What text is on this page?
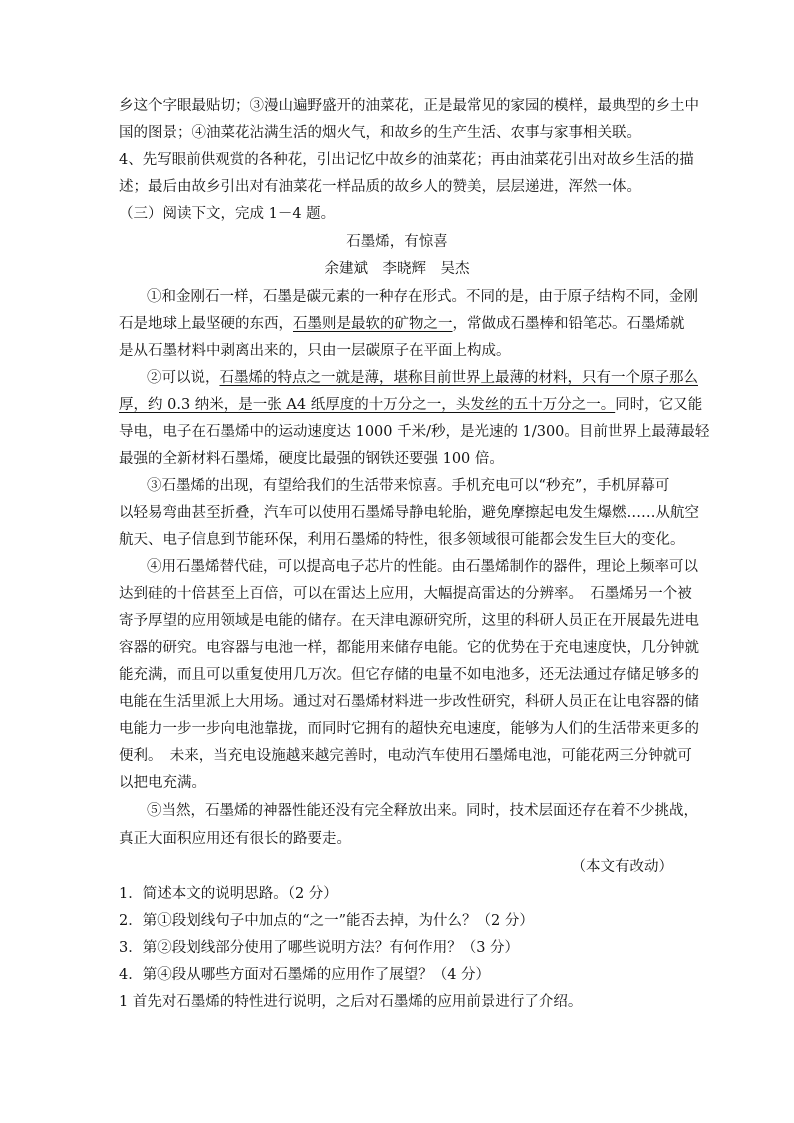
乡这个字眼最贴切；③漫山遍野盛开的油菜花，正是最常见的家园的模样，最典型的乡土中
国的图景；④油菜花沾满生活的烟火气，和故乡的生产生活、农事与家事相关联。
4、先写眼前供观赏的各种花，引出记忆中故乡的油菜花；再由油菜花引出对故乡生活的描
述；最后由故乡引出对有油菜花一样品质的故乡人的赞美，层层递进，浑然一体。
（三）阅读下文，完成 1－4 题。
石墨烯，有惊喜
余建斌　李晓辉　吴杰
①和金刚石一样，石墨是碳元素的一种存在形式。不同的是，由于原子结构不同，金刚
石是地球上最坚硬的东西，石墨则是最软的矿物之一，常做成石墨棒和铅笔芯。石墨烯就
是从石墨材料中剥离出来的，只由一层碳原子在平面上构成。
②可以说，石墨烯的特点之一就是薄，堪称目前世界上最薄的材料，只有一个原子那么
厚，约 0.3 纳米，是一张 A4 纸厚度的十万分之一，头发丝的五十万分之一。同时，它又能
导电，电子在石墨烯中的运动速度达 1000 千米/秒，是光速的 1/300。目前世界上最薄最轻
最强的全新材料石墨烯，硬度比最强的钢铁还要强 100 倍。
③石墨烯的出现，有望给我们的生活带来惊喜。手机充电可以“秒充”，手机屏幕可
以轻易弯曲甚至折叠，汽车可以使用石墨烯导静电轮胎，避免摩擦起电发生爆燃……从航空
航天、电子信息到节能环保，利用石墨烯的特性，很多领域很可能都会发生巨大的变化。
④用石墨烯替代硅，可以提高电子芯片的性能。由石墨烯制作的器件，理论上频率可以
达到硅的十倍甚至上百倍，可以在雷达上应用，大幅提高雷达的分辨率。　石墨烯另一个被
寄予厚望的应用领域是电能的储存。在天津电源研究所，这里的科研人员正在开展最先进电
容器的研究。电容器与电池一样，都能用来储存电能。它的优势在于充电速度快，几分钟就
能充满，而且可以重复使用几万次。但它存储的电量不如电池多，还无法通过存储足够多的
电能在生活里派上大用场。通过对石墨烯材料进一步改性研究，科研人员正在让电容器的储
电能力一步一步向电池靠拢，而同时它拥有的超快充电速度，能够为人们的生活带来更多的
便利。　未来，当充电设施越来越完善时，电动汽车使用石墨烯电池，可能花两三分钟就可
以把电充满。
⑤当然，石墨烯的神器性能还没有完全释放出来。同时，技术层面还存在着不少挑战，
真正大面积应用还有很长的路要走。
（本文有改动）
1．简述本文的说明思路。（2 分）
2．第①段划线句子中加点的“之一”能否去掉，为什么？（2 分）
3．第②段划线部分使用了哪些说明方法？有何作用？（3 分）
4．第④段从哪些方面对石墨烯的应用作了展望？（4 分）
1 首先对石墨烯的特性进行说明，之后对石墨烯的应用前景进行了介绍。
